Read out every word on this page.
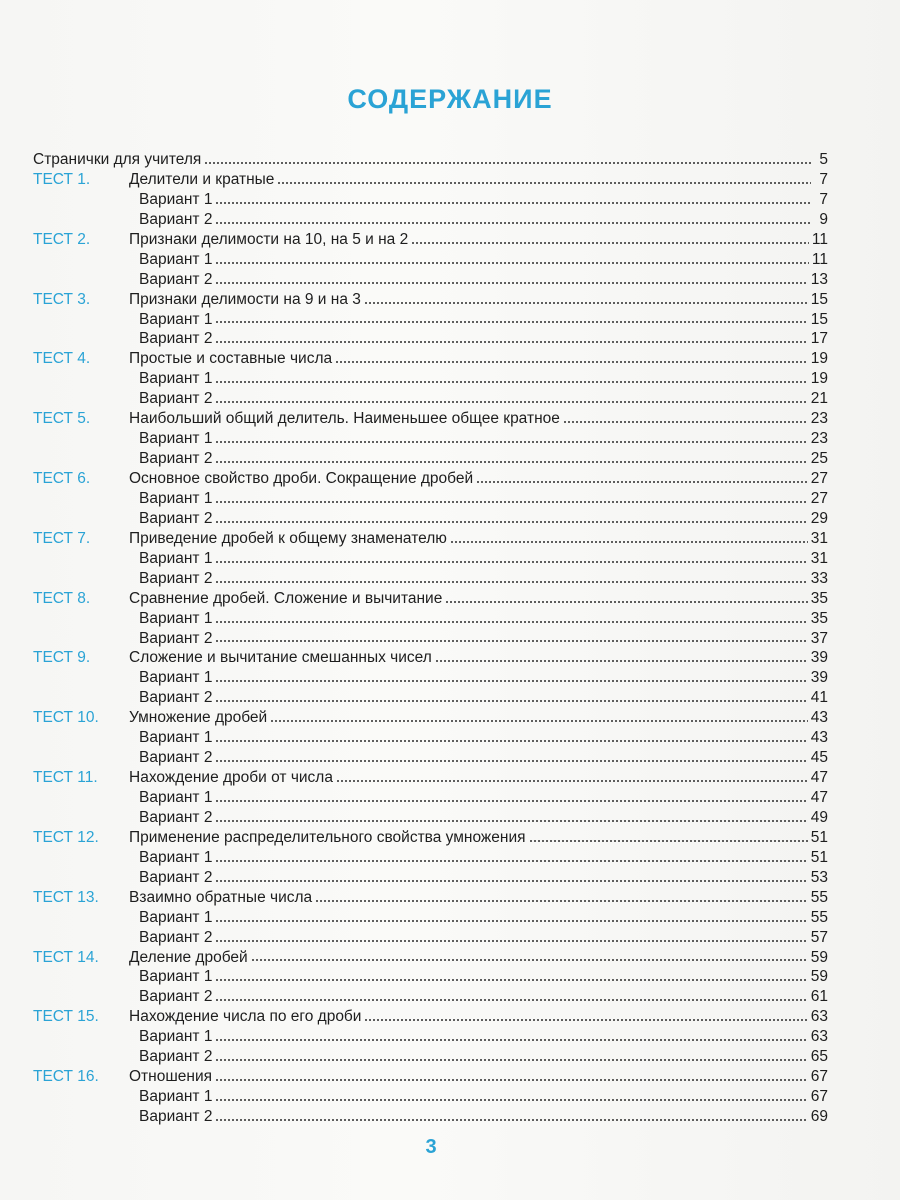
СОДЕРЖАНИЕ
Странички для учителя	5
ТЕСТ 1.	Делители и кратные	7
Вариант 1	7
Вариант 2	9
ТЕСТ 2.	Признаки делимости на 10, на 5 и на 2	11
Вариант 1	11
Вариант 2	13
ТЕСТ 3.	Признаки делимости на 9 и на 3	15
Вариант 1	15
Вариант 2	17
ТЕСТ 4.	Простые и составные числа	19
Вариант 1	19
Вариант 2	21
ТЕСТ 5.	Наибольший общий делитель. Наименьшее общее кратное	23
Вариант 1	23
Вариант 2	25
ТЕСТ 6.	Основное свойство дроби. Сокращение дробей	27
Вариант 1	27
Вариант 2	29
ТЕСТ 7.	Приведение дробей к общему знаменателю	31
Вариант 1	31
Вариант 2	33
ТЕСТ 8.	Сравнение дробей. Сложение и вычитание	35
Вариант 1	35
Вариант 2	37
ТЕСТ 9.	Сложение и вычитание смешанных чисел	39
Вариант 1	39
Вариант 2	41
ТЕСТ 10.	Умножение дробей	43
Вариант 1	43
Вариант 2	45
ТЕСТ 11.	Нахождение дроби от числа	47
Вариант 1	47
Вариант 2	49
ТЕСТ 12.	Применение распределительного свойства умножения	51
Вариант 1	51
Вариант 2	53
ТЕСТ 13.	Взаимно обратные числа	55
Вариант 1	55
Вариант 2	57
ТЕСТ 14.	Деление дробей	59
Вариант 1	59
Вариант 2	61
ТЕСТ 15.	Нахождение числа по его дроби	63
Вариант 1	63
Вариант 2	65
ТЕСТ 16.	Отношения	67
Вариант 1	67
Вариант 2	69
3
